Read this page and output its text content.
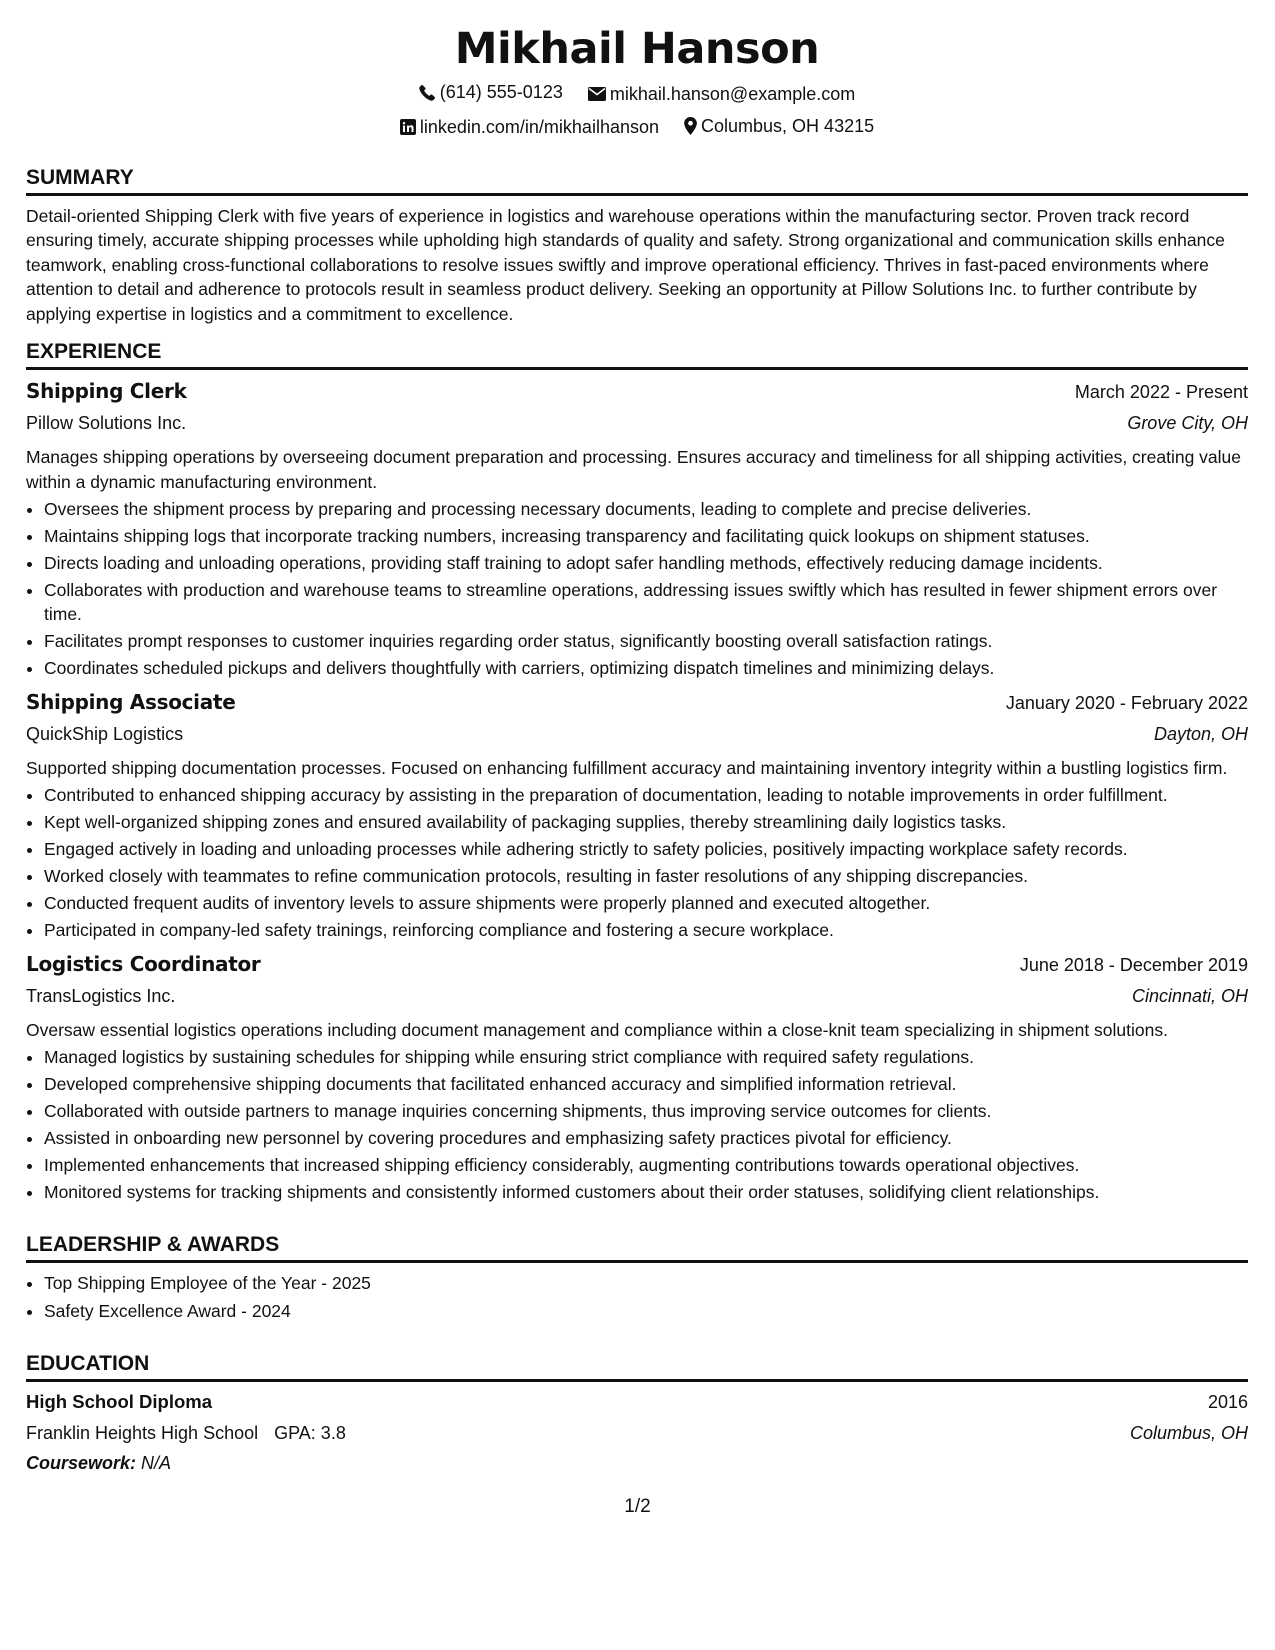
Mikhail Hanson
(614) 555-0123
	mikhail.hanson@example.com
linkedin.com/in/mikhailhanson
Columbus, OH 43215
SUMMARY
Detail-oriented Shipping Clerk with five years of experience in logistics and warehouse operations within the manufacturing sector. Proven track record ensuring timely, accurate shipping processes while upholding high standards of quality and safety. Strong organizational and communication skills enhance teamwork, enabling cross-functional collaborations to resolve issues swiftly and improve operational efficiency. Thrives in fast-paced environments where attention to detail and adherence to protocols result in seamless product delivery. Seeking an opportunity at Pillow Solutions Inc. to further contribute by applying expertise in logistics and a commitment to excellence.
EXPERIENCE
Shipping Clerk	March 2022 - Present
Pillow Solutions Inc.	Grove City, OH
Manages shipping operations by overseeing document preparation and processing. Ensures accuracy and timeliness for all shipping activities, creating value within a dynamic manufacturing environment.
• Oversees the shipment process by preparing and processing necessary documents, leading to complete and precise deliveries.
• Maintains shipping logs that incorporate tracking numbers, increasing transparency and facilitating quick lookups on shipment statuses.
• Directs loading and unloading operations, providing staff training to adopt safer handling methods, effectively reducing damage incidents.
• Collaborates with production and warehouse teams to streamline operations, addressing issues swiftly which has resulted in fewer shipment errors over time.
• Facilitates prompt responses to customer inquiries regarding order status, significantly boosting overall satisfaction ratings.
• Coordinates scheduled pickups and delivers thoughtfully with carriers, optimizing dispatch timelines and minimizing delays.
Shipping Associate	January 2020 - February 2022
QuickShip Logistics	Dayton, OH
Supported shipping documentation processes. Focused on enhancing fulfillment accuracy and maintaining inventory integrity within a bustling logistics firm.
• Contributed to enhanced shipping accuracy by assisting in the preparation of documentation, leading to notable improvements in order fulfillment.
• Kept well-organized shipping zones and ensured availability of packaging supplies, thereby streamlining daily logistics tasks.
• Engaged actively in loading and unloading processes while adhering strictly to safety policies, positively impacting workplace safety records.
• Worked closely with teammates to refine communication protocols, resulting in faster resolutions of any shipping discrepancies.
• Conducted frequent audits of inventory levels to assure shipments were properly planned and executed altogether.
• Participated in company-led safety trainings, reinforcing compliance and fostering a secure workplace.
Logistics Coordinator	June 2018 - December 2019
TransLogistics Inc.	Cincinnati, OH
Oversaw essential logistics operations including document management and compliance within a close-knit team specializing in shipment solutions.
• Managed logistics by sustaining schedules for shipping while ensuring strict compliance with required safety regulations.
• Developed comprehensive shipping documents that facilitated enhanced accuracy and simplified information retrieval.
• Collaborated with outside partners to manage inquiries concerning shipments, thus improving service outcomes for clients.
• Assisted in onboarding new personnel by covering procedures and emphasizing safety practices pivotal for efficiency.
• Implemented enhancements that increased shipping efficiency considerably, augmenting contributions towards operational objectives.
• Monitored systems for tracking shipments and consistently informed customers about their order statuses, solidifying client relationships.
LEADERSHIP & AWARDS
• Top Shipping Employee of the Year - 2025
• Safety Excellence Award - 2024
EDUCATION
High School Diploma	2016
Franklin Heights High School GPA: 3.8	Columbus, OH
Coursework: N/A
1/2
